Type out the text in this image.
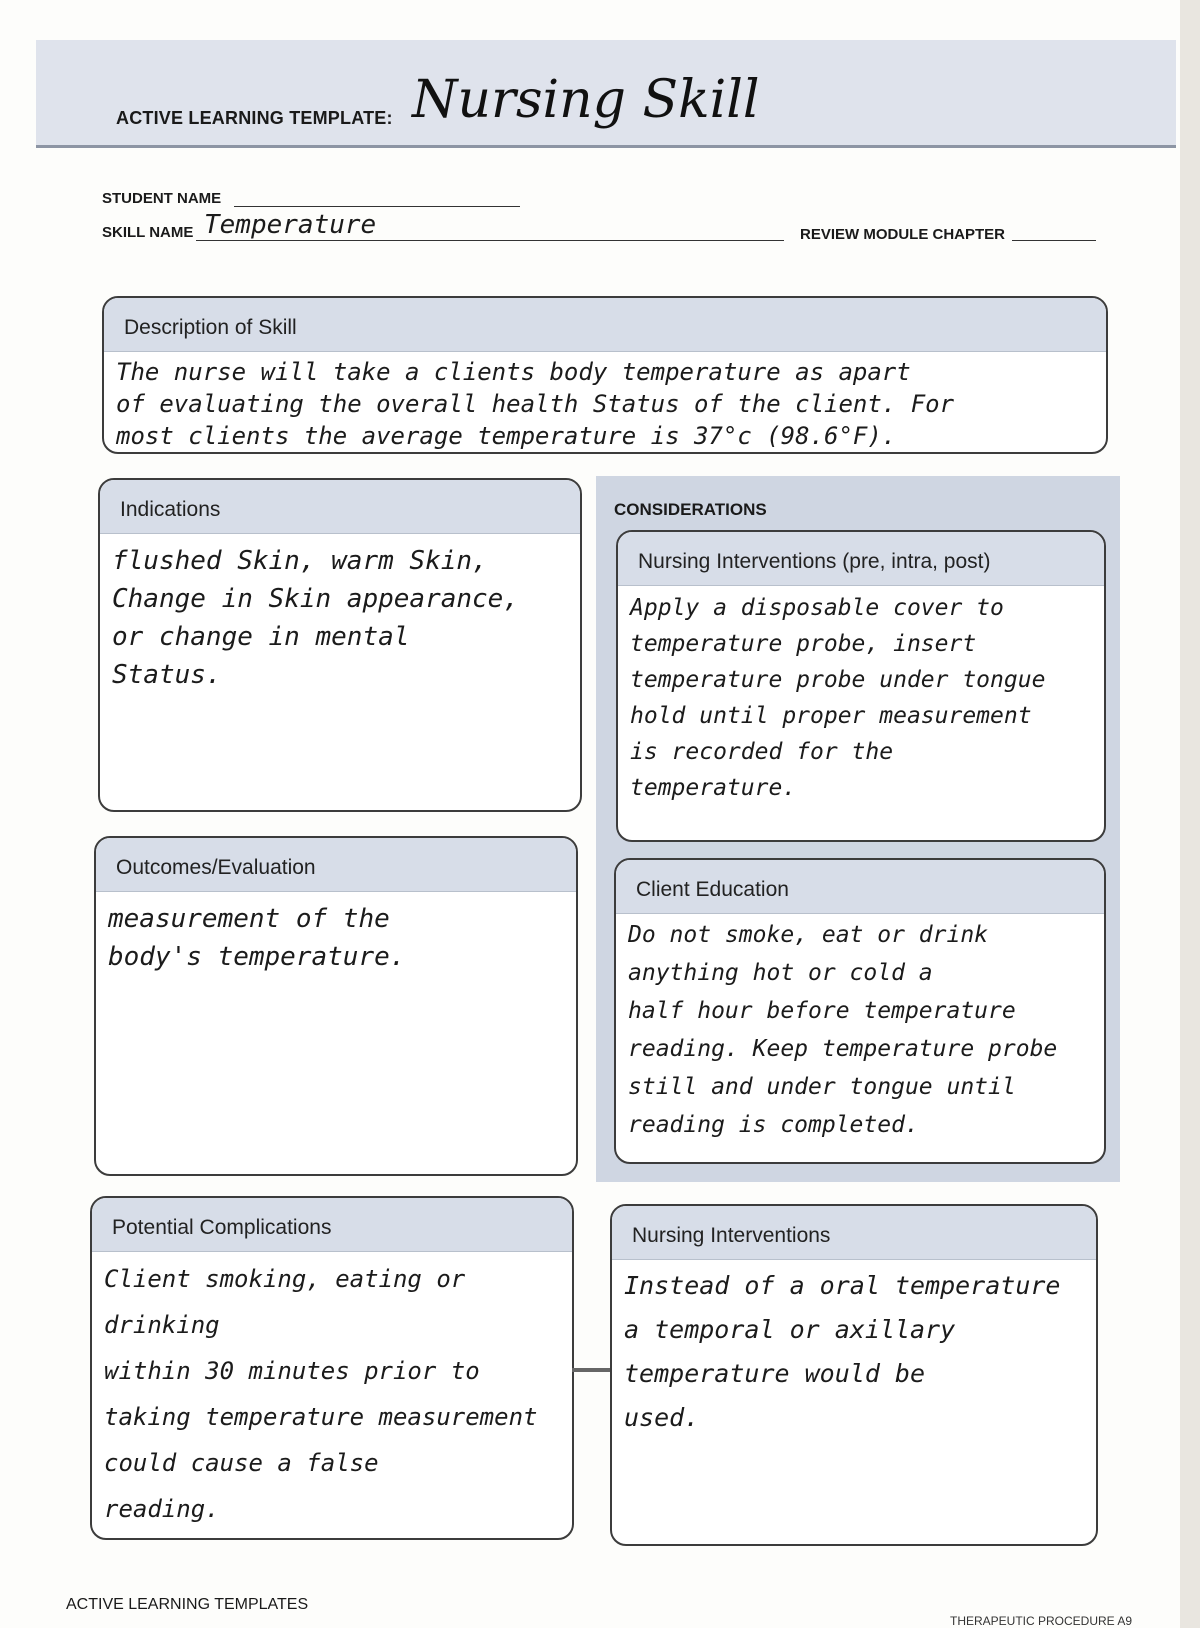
ACTIVE LEARNING TEMPLATE: Nursing Skill
STUDENT NAME
SKILL NAME Temperature	REVIEW MODULE CHAPTER
Description of Skill

The nurse will take a clients body temperature as apart

of evaluating the overall health Status of the client. For

most clients the average temperature is 37°c (98.6°F).

Indications

flushed Skin, warm Skin,

Change in Skin appearance,

or change in mental

Status.

CONSIDERATIONS
Nursing Interventions (pre, intra, post)

Apply a disposable cover to

temperature probe, insert

temperature probe under tongue

hold until proper measurement

is recorded for the

temperature.

Outcomes/Evaluation

measurement of the

body's temperature.

Client Education

Do not smoke, eat or drink

anything hot or cold a

half hour before temperature

reading. Keep temperature probe

still and under tongue until

reading is completed.

Potential Complications

Client smoking, eating or drinking

within 30 minutes prior to

taking temperature measurement

could cause a false

reading.

Nursing Interventions

Instead of a oral temperature

a temporal or axillary

temperature would be

used.

ACTIVE LEARNING TEMPLATES
THERAPEUTIC PROCEDURE A9
